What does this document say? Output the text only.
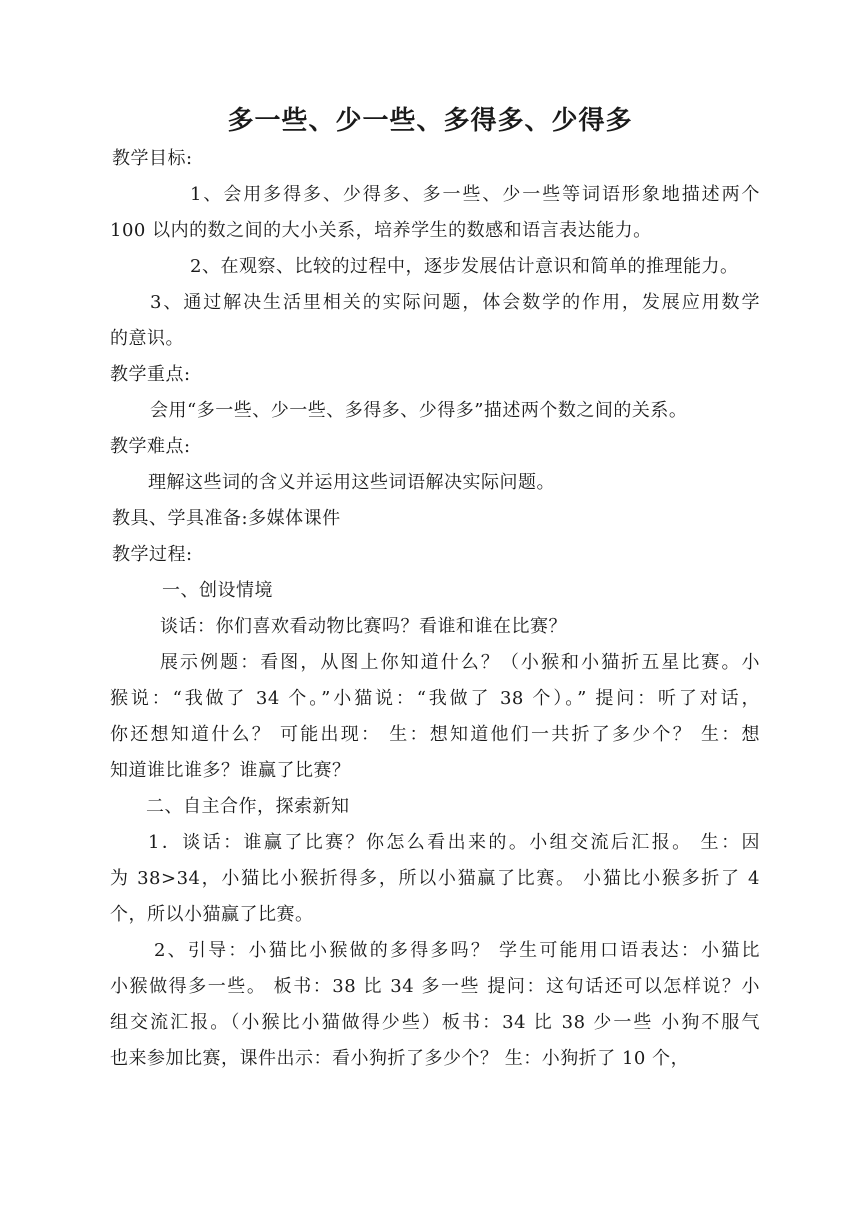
多一些、少一些、多得多、少得多
教学目标:
1、会用多得多、少得多、多一些、少一些等词语形象地描述两个
100 以内的数之间的大小关系，培养学生的数感和语言表达能力。
2、在观察、比较的过程中，逐步发展估计意识和简单的推理能力。
3、通过解决生活里相关的实际问题，体会数学的作用，发展应用数学
的意识。
教学重点:
会用“多一些、少一些、多得多、少得多”描述两个数之间的关系。
教学难点:
理解这些词的含义并运用这些词语解决实际问题。
教具、学具准备:多媒体课件
教学过程:
一、创设情境
谈话：你们喜欢看动物比赛吗？看谁和谁在比赛？
展示例题：看图，从图上你知道什么？（小猴和小猫折五星比赛。小
猴说：“我做了 34 个。”小猫说：“我做了 38 个）。” 提问：听了对话，
你还想知道什么？ 可能出现： 生：想知道他们一共折了多少个？ 生：想
知道谁比谁多？谁赢了比赛？
二、自主合作，探索新知
1．谈话：谁赢了比赛？你怎么看出来的。小组交流后汇报。 生：因
为 38>34，小猫比小猴折得多，所以小猫赢了比赛。 小猫比小猴多折了 4
个，所以小猫赢了比赛。
2、引导：小猫比小猴做的多得多吗？ 学生可能用口语表达：小猫比
小猴做得多一些。 板书：38 比 34 多一些 提问：这句话还可以怎样说？小
组交流汇报。（小猴比小猫做得少些）板书：34 比 38 少一些 小狗不服气
也来参加比赛，课件出示：看小狗折了多少个？ 生：小狗折了 10 个，
